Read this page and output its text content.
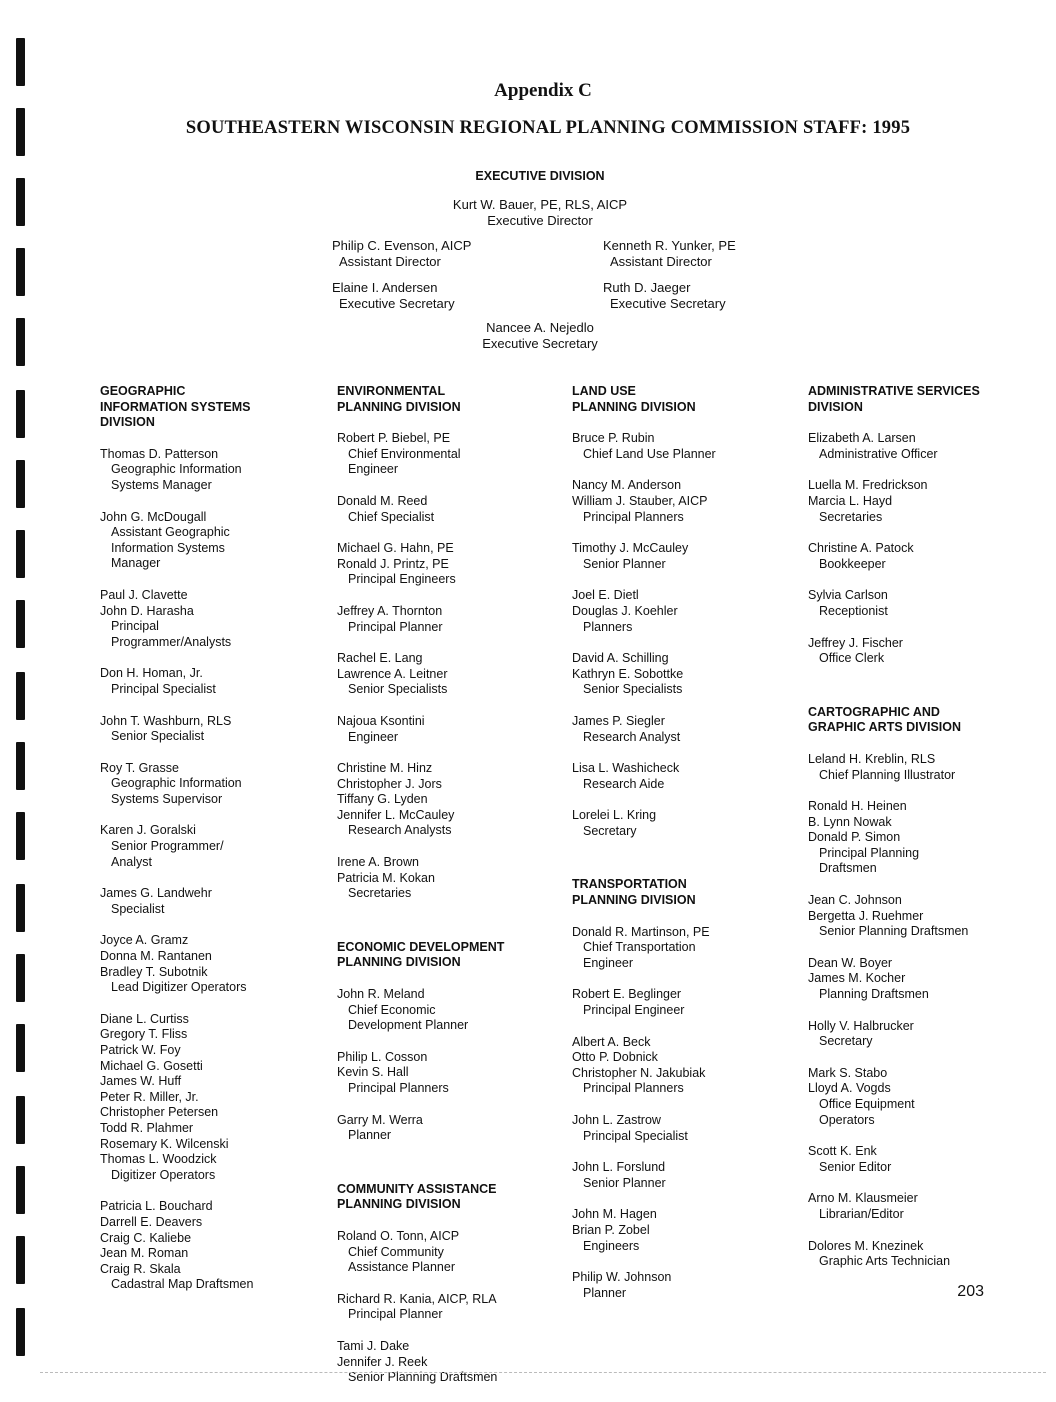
Appendix C
SOUTHEASTERN WISCONSIN REGIONAL PLANNING COMMISSION STAFF: 1995
EXECUTIVE DIVISION
Kurt W. Bauer, PE, RLS, AICP
Executive Director
Philip C. Evenson, AICP
Assistant Director
Kenneth R. Yunker, PE
Assistant Director
Elaine I. Andersen
Executive Secretary
Ruth D. Jaeger
Executive Secretary
Nancee A. Nejedlo
Executive Secretary
GEOGRAPHIC
INFORMATION SYSTEMS
DIVISION
Thomas D. Patterson
Geographic Information
Systems Manager
John G. McDougall
Assistant Geographic
Information Systems
Manager
Paul J. Clavette
John D. Harasha
Principal
Programmer/Analysts
Don H. Homan, Jr.
Principal Specialist
John T. Washburn, RLS
Senior Specialist
Roy T. Grasse
Geographic Information
Systems Supervisor
Karen J. Goralski
Senior Programmer/
Analyst
James G. Landwehr
Specialist
Joyce A. Gramz
Donna M. Rantanen
Bradley T. Subotnik
Lead Digitizer Operators
Diane L. Curtiss
Gregory T. Fliss
Patrick W. Foy
Michael G. Gosetti
James W. Huff
Peter R. Miller, Jr.
Christopher Petersen
Todd R. Plahmer
Rosemary K. Wilcenski
Thomas L. Woodzick
Digitizer Operators
Patricia L. Bouchard
Darrell E. Deavers
Craig C. Kaliebe
Jean M. Roman
Craig R. Skala
Cadastral Map Draftsmen
ENVIRONMENTAL
PLANNING DIVISION
Robert P. Biebel, PE
Chief Environmental
Engineer
Donald M. Reed
Chief Specialist
Michael G. Hahn, PE
Ronald J. Printz, PE
Principal Engineers
Jeffrey A. Thornton
Principal Planner
Rachel E. Lang
Lawrence A. Leitner
Senior Specialists
Najoua Ksontini
Engineer
Christine M. Hinz
Christopher J. Jors
Tiffany G. Lyden
Jennifer L. McCauley
Research Analysts
Irene A. Brown
Patricia M. Kokan
Secretaries
ECONOMIC DEVELOPMENT
PLANNING DIVISION
John R. Meland
Chief Economic
Development Planner
Philip L. Cosson
Kevin S. Hall
Principal Planners
Garry M. Werra
Planner
COMMUNITY ASSISTANCE
PLANNING DIVISION
Roland O. Tonn, AICP
Chief Community
Assistance Planner
Richard R. Kania, AICP, RLA
Principal Planner
Tami J. Dake
Jennifer J. Reek
Senior Planning Draftsmen
LAND USE
PLANNING DIVISION
Bruce P. Rubin
Chief Land Use Planner
Nancy M. Anderson
William J. Stauber, AICP
Principal Planners
Timothy J. McCauley
Senior Planner
Joel E. Dietl
Douglas J. Koehler
Planners
David A. Schilling
Kathryn E. Sobottke
Senior Specialists
James P. Siegler
Research Analyst
Lisa L. Washicheck
Research Aide
Lorelei L. Kring
Secretary
TRANSPORTATION
PLANNING DIVISION
Donald R. Martinson, PE
Chief Transportation
Engineer
Robert E. Beglinger
Principal Engineer
Albert A. Beck
Otto P. Dobnick
Christopher N. Jakubiak
Principal Planners
John L. Zastrow
Principal Specialist
John L. Forslund
Senior Planner
John M. Hagen
Brian P. Zobel
Engineers
Philip W. Johnson
Planner
ADMINISTRATIVE SERVICES
DIVISION
Elizabeth A. Larsen
Administrative Officer
Luella M. Fredrickson
Marcia L. Hayd
Secretaries
Christine A. Patock
Bookkeeper
Sylvia Carlson
Receptionist
Jeffrey J. Fischer
Office Clerk
CARTOGRAPHIC AND
GRAPHIC ARTS DIVISION
Leland H. Kreblin, RLS
Chief Planning Illustrator
Ronald H. Heinen
B. Lynn Nowak
Donald P. Simon
Principal Planning
Draftsmen
Jean C. Johnson
Bergetta J. Ruehmer
Senior Planning Draftsmen
Dean W. Boyer
James M. Kocher
Planning Draftsmen
Holly V. Halbrucker
Secretary
Mark S. Stabo
Lloyd A. Vogds
Office Equipment
Operators
Scott K. Enk
Senior Editor
Arno M. Klausmeier
Librarian/Editor
Dolores M. Knezinek
Graphic Arts Technician
203
